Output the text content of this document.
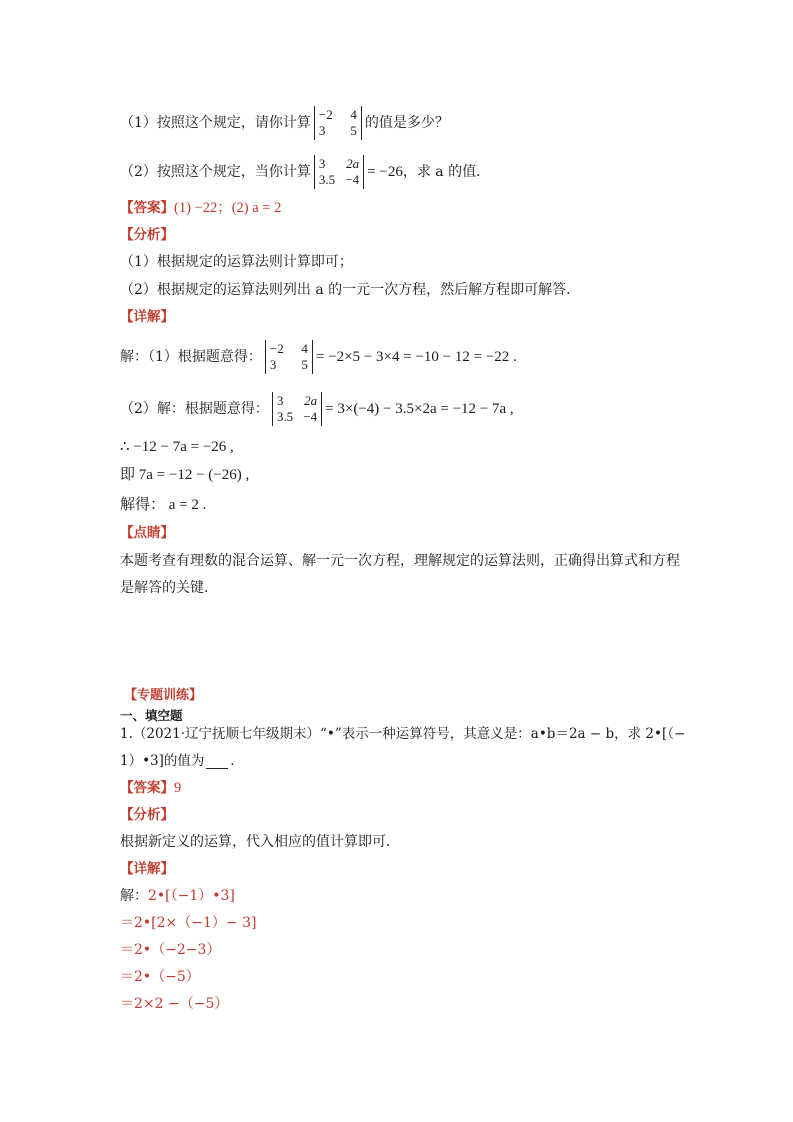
（1）按照这个规定，请你计算
−2	4
3	5 的值是多少？
（2）按照这个规定，当你计算
3	2a
3.5 −4 = −26 ，求 a 的值．
【答案】 (1) −22；(2) a = 2
【分析】
（1）根据规定的运算法则计算即可；
（2）根据规定的运算法则列出 a 的一元一次方程，然后解方程即可解答．
【详解】
解：（1）根据题意得：
−2	4
3	5 = −2×5 − 3×4 = −10 − 12 = −22 .
（2）解：根据题意得：
3	2a
3.5 −4 = 3×(−4) − 3.5×2a = −12 − 7a ,
∴ −12 − 7a = −26 ,
即 7a = −12 − (−26) ,
解得： a = 2 .
【点睛】
本题考查有理数的混合运算、解一元一次方程，理解规定的运算法则，正确得出算式和方程
是解答的关键．
【专题训练】
一、填空题
1.（2021·辽宁抚顺七年级期末）“•”表示一种运算符号，其意义是：a•b＝2a − b，求 2•[（−
1）•3]的值为 ．
【答案】 9
【分析】
根据新定义的运算，代入相应的值计算即可．
【详解】
解： 2•[（−1）•3]
＝2•[2×（−1）− 3]
＝2•（−2−3）
＝2•（−5）
＝2×2 −（−5）
